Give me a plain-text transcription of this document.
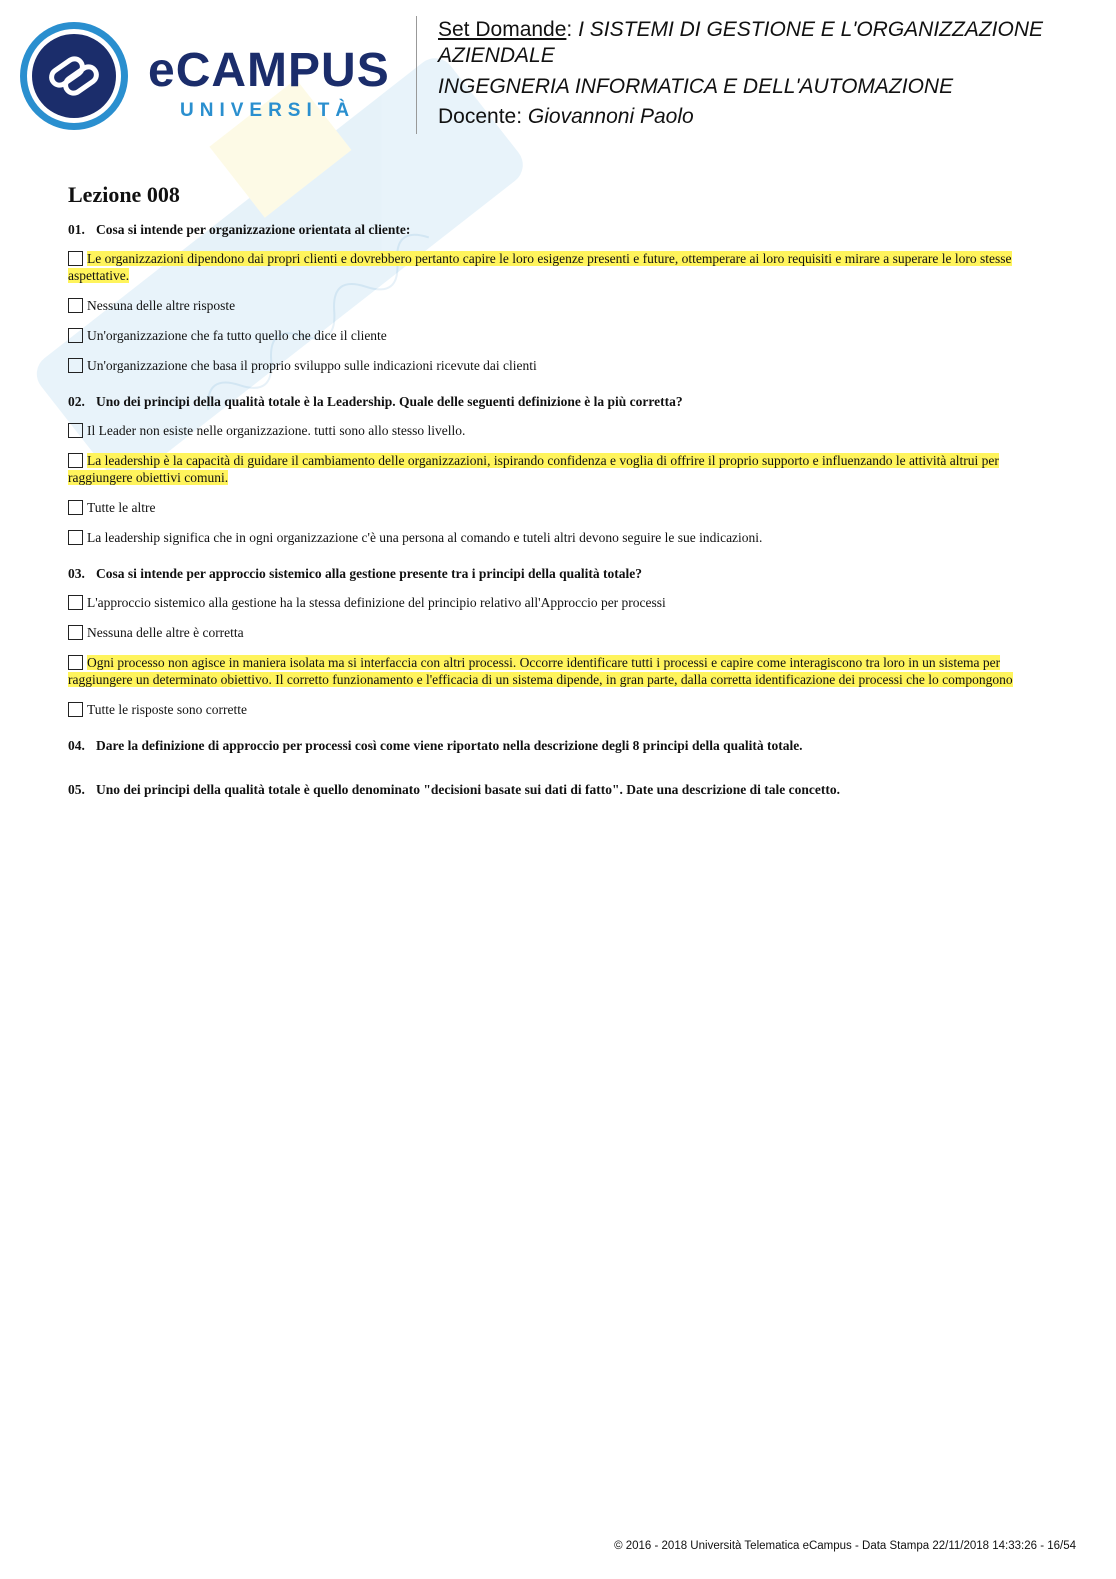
eCAMPUS
UNIVERSITÀ
Set Domande: I SISTEMI DI GESTIONE E L'ORGANIZZAZIONE AZIENDALE
INGEGNERIA INFORMATICA E DELL'AUTOMAZIONE
Docente: Giovannoni Paolo
Lezione 008
01. Cosa si intende per organizzazione orientata al cliente:
Le organizzazioni dipendono dai propri clienti e dovrebbero pertanto capire le loro esigenze presenti e future, ottemperare ai loro requisiti e mirare a superare le loro stesse aspettative.
Nessuna delle altre risposte
Un'organizzazione che fa tutto quello che dice il cliente
Un'organizzazione che basa il proprio sviluppo sulle indicazioni ricevute dai clienti
02. Uno dei principi della qualità totale è la Leadership. Quale delle seguenti definizione è la più corretta?
Il Leader non esiste nelle organizzazione. tutti sono allo stesso livello.
La leadership è la capacità di guidare il cambiamento delle organizzazioni, ispirando confidenza e voglia di offrire il proprio supporto e influenzando le attività altrui per raggiungere obiettivi comuni.
Tutte le altre
La leadership significa che in ogni organizzazione c'è una persona al comando e tuteli altri devono seguire le sue indicazioni.
03. Cosa si intende per approccio sistemico alla gestione presente tra i principi della qualità totale?
L'approccio sistemico alla gestione ha la stessa definizione del principio relativo all'Approccio per processi
Nessuna delle altre è corretta
Ogni processo non agisce in maniera isolata ma si interfaccia con altri processi. Occorre identificare tutti i processi e capire come interagiscono tra loro in un sistema per raggiungere un determinato obiettivo. Il corretto funzionamento e l'efficacia di un sistema dipende, in gran parte, dalla corretta identificazione dei processi che lo compongono
Tutte le risposte sono corrette
04. Dare la definizione di approccio per processi così come viene riportato nella descrizione degli 8 principi della qualità totale.
05. Uno dei principi della qualità totale è quello denominato "decisioni basate sui dati di fatto". Date una descrizione di tale concetto.
© 2016 - 2018 Università Telematica eCampus - Data Stampa 22/11/2018 14:33:26 - 16/54
